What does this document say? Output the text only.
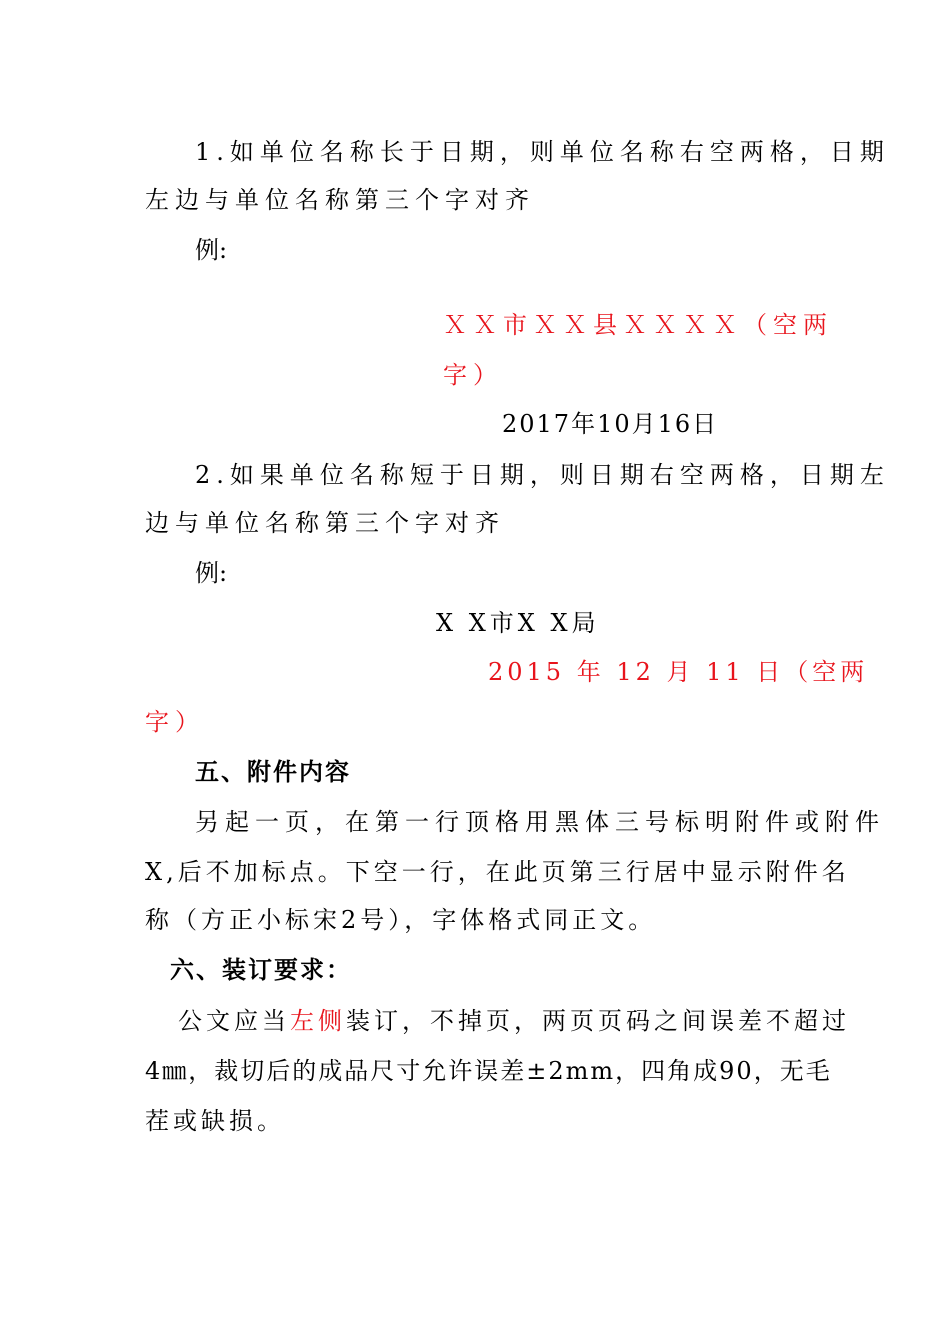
1.如单位名称长于日期，则单位名称右空两格，日期
左边与单位名称第三个字对齐
例:
ＸＸ市ＸＸ县ＸＸＸＸ（空两
字）
2017年10月16日
2.如果单位名称短于日期，则日期右空两格，日期左
边与单位名称第三个字对齐
例:
X X市X X局
2015 年 12 月 11 日（空两
字）
五、附件内容
另起一页，在第一行顶格用黑体三号标明附件或附件
X,后不加标点。下空一行，在此页第三行居中显示附件名
称（方正小标宋2号），字体格式同正文。
六、装订要求：
公文应当左侧装订，不掉页，两页页码之间误差不超过
4㎜，裁切后的成品尺寸允许误差±2mm，四角成90，无毛
茬或缺损。
